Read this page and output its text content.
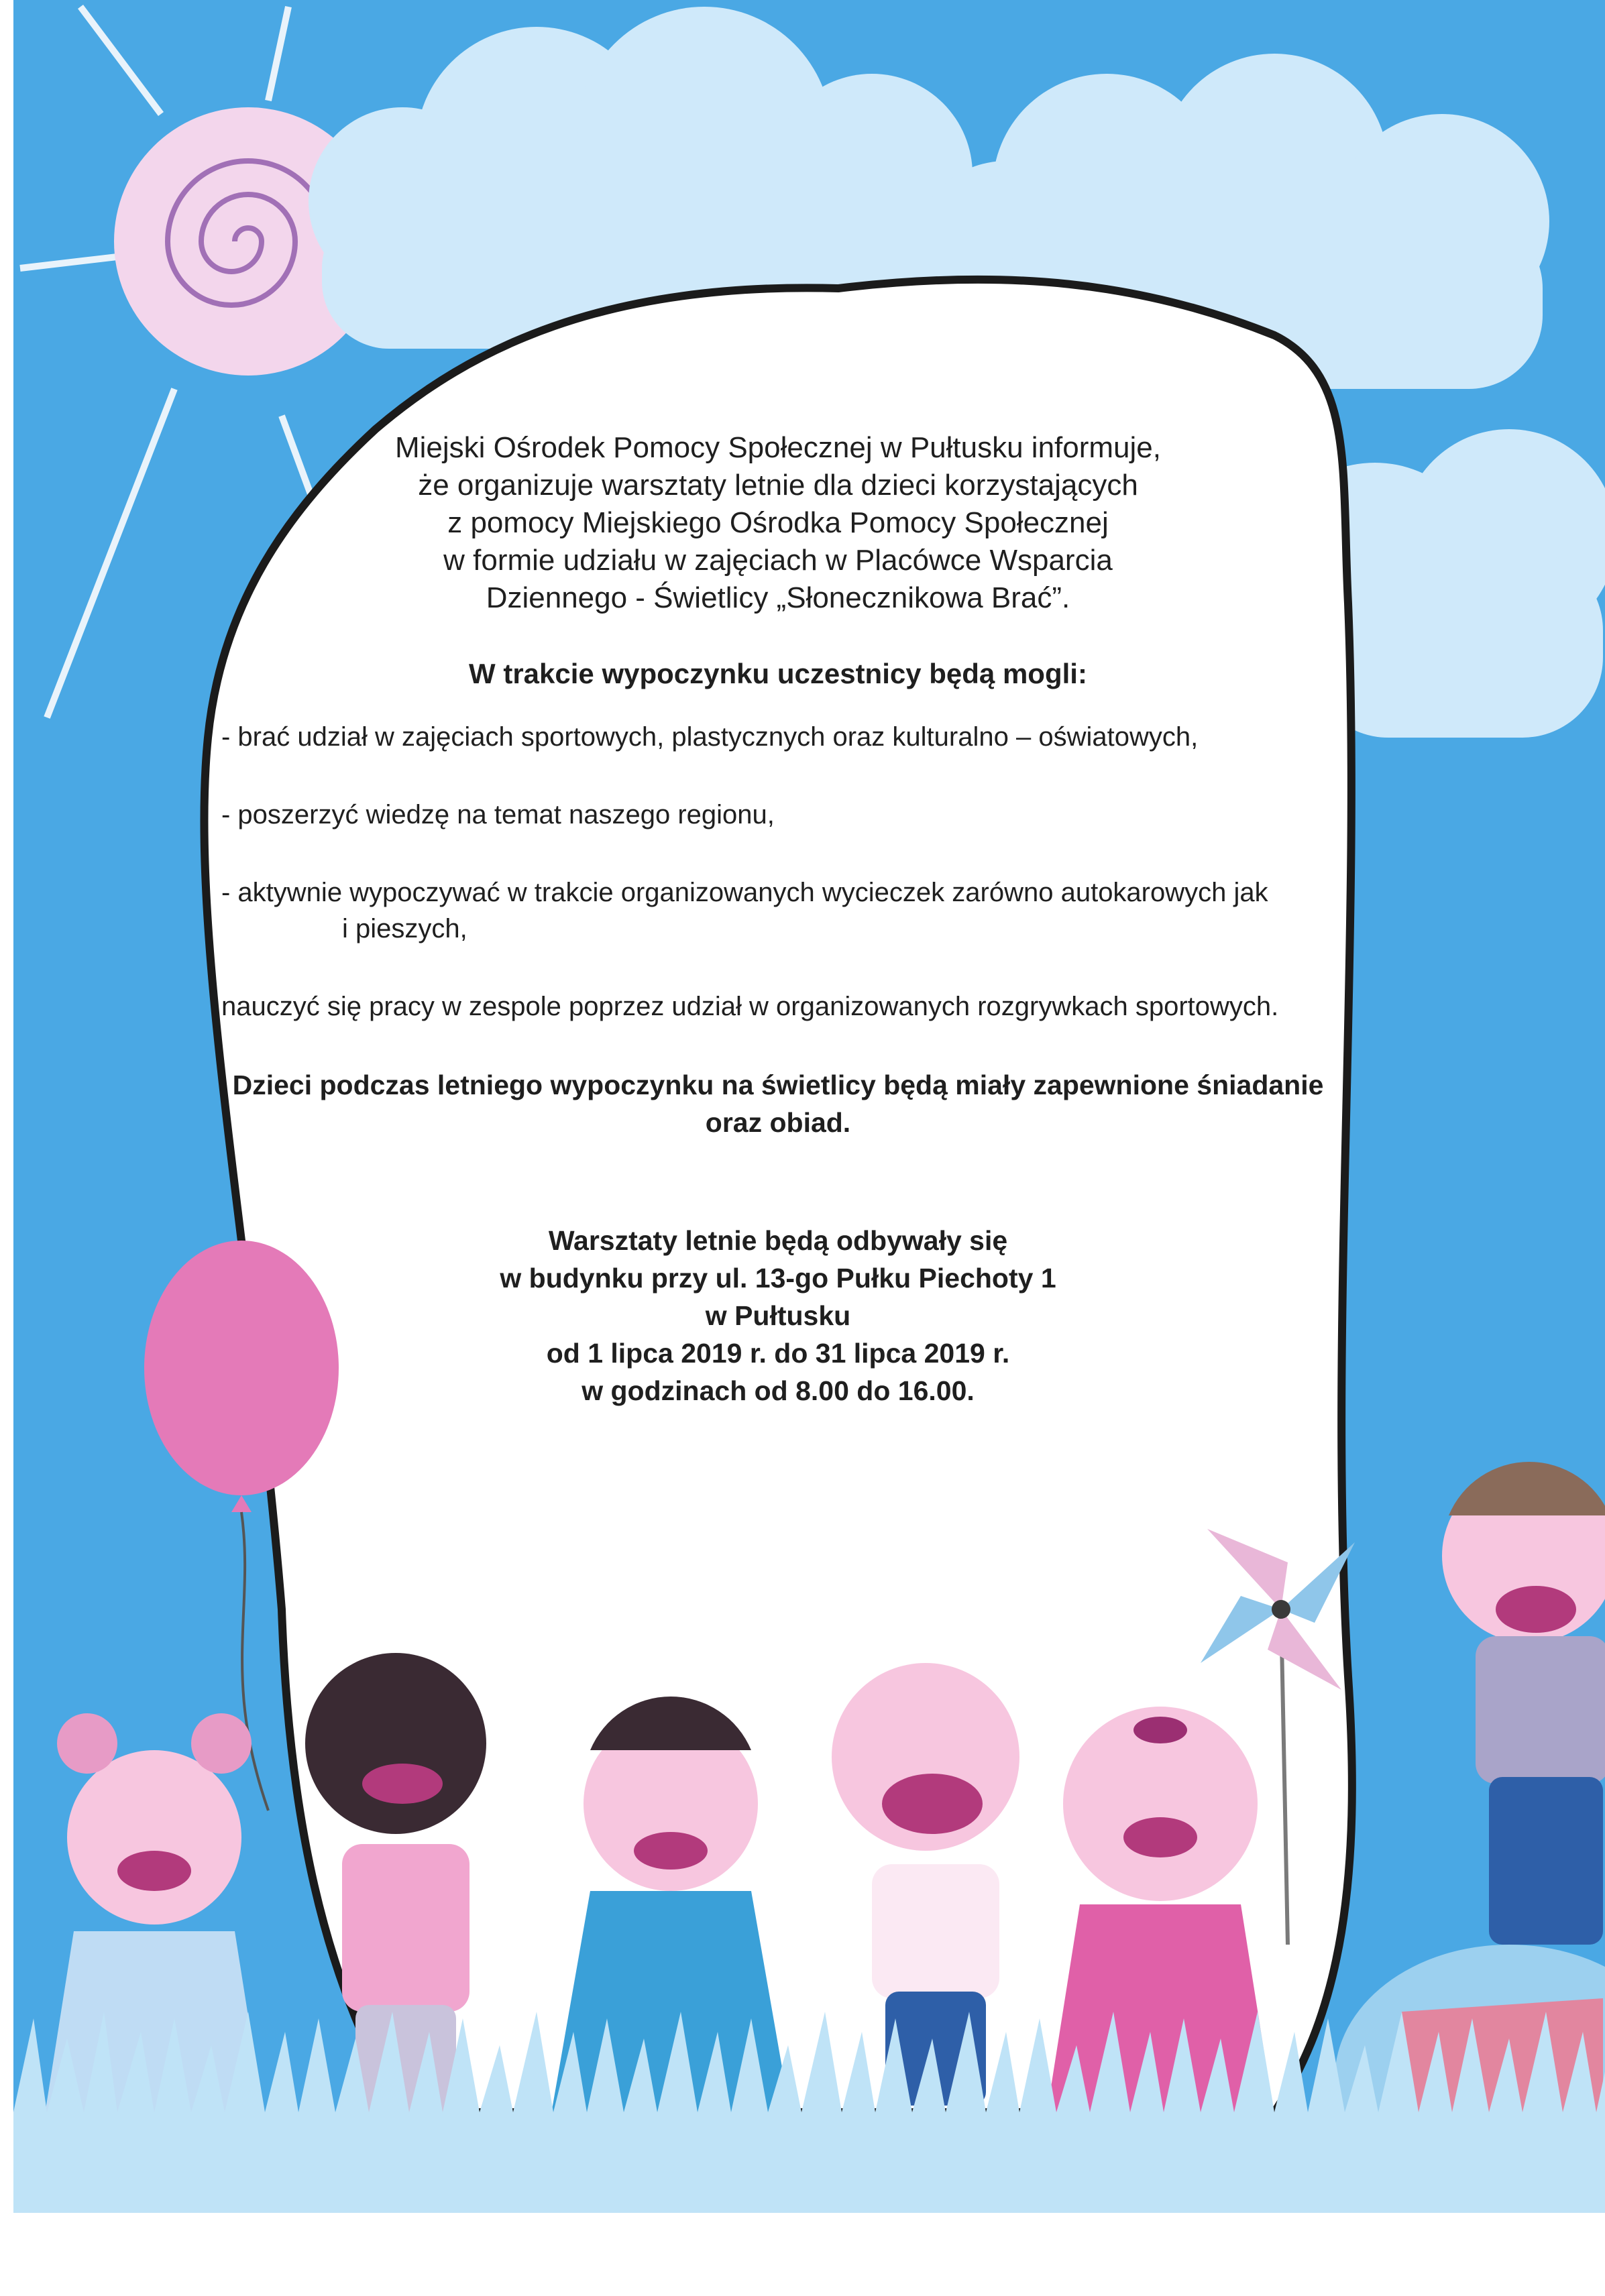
Miejski Ośrodek Pomocy Społecznej w Pułtusku informuje,

że organizuje warsztaty letnie dla dzieci korzystających

z pomocy Miejskiego Ośrodka Pomocy Społecznej

w formie udziału w zajęciach w Placówce Wsparcia

Dziennego - Świetlicy „Słonecznikowa Brać”.

W trakcie wypoczynku uczestnicy będą mogli:

- brać udział w zajęciach sportowych, plastycznych oraz kulturalno – oświatowych,

- poszerzyć wiedzę na temat naszego regionu,

- aktywnie wypoczywać w trakcie organizowanych wycieczek zarówno autokarowych jak
i pieszych,

nauczyć się pracy w zespole poprzez udział w organizowanych rozgrywkach sportowych.

Dzieci podczas letniego wypoczynku na świetlicy będą miały zapewnione śniadanie
oraz obiad.
Warsztaty letnie będą odbywały się
w budynku przy ul. 13-go Pułku Piechoty 1
w Pułtusku
od 1 lipca 2019 r. do 31 lipca 2019 r.
w godzinach od 8.00 do 16.00.
